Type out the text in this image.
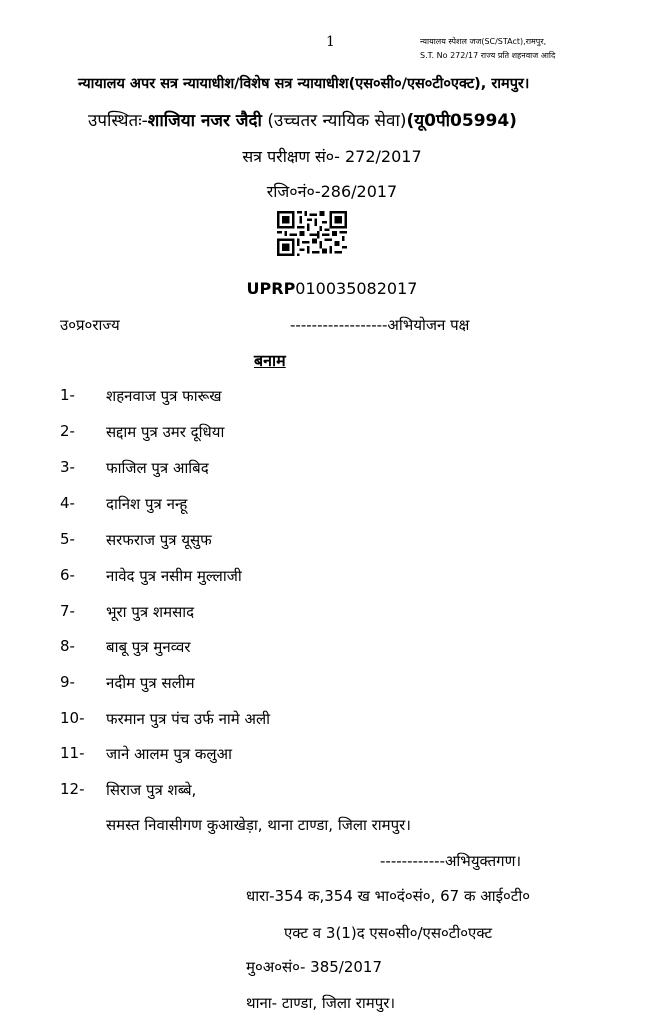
1	न्यायालय स्पेशल जज(SC/STAct),रामपुर,
S.T. No 272/17 राज्य प्रति शहनवाज आदि
न्यायालय अपर सत्र न्यायाधीश/विशेष सत्र न्यायाधीश(एस०सी०/एस०टी०एक्ट), रामपुर।
उपस्थितः-शाजिया नजर जैदी (उच्चतर न्यायिक सेवा)(यू0पी05994)
सत्र परीक्षण सं०- 272/2017
रजि०नं०-286/2017
UPRP010035082017
उ०प्र०राज्य	------------------अभियोजन पक्ष
बनाम
1- शहनवाज पुत्र फारूख
2- सद्दाम पुत्र उमर दूधिया
3- फाजिल पुत्र आबिद
4- दानिश पुत्र नन्हू
5- सरफराज पुत्र यूसुफ
6- नावेद पुत्र नसीम मुल्लाजी
7- भूरा पुत्र शमसाद
8- बाबू पुत्र मुनव्वर
9- नदीम पुत्र सलीम
10- फरमान पुत्र पंच उर्फ नामे अली
11- जाने आलम पुत्र कलुआ
12- सिराज पुत्र शब्बे,
समस्त निवासीगण कुआखेड़ा, थाना टाण्डा, जिला रामपुर।
------------अभियुक्तगण।
धारा-354 क,354 ख भा०दं०सं०, 67 क आई०टी०
एक्ट व 3(1)द एस०सी०/एस०टी०एक्ट
मु०अ०सं०- 385/2017
थाना- टाण्डा, जिला रामपुर।
